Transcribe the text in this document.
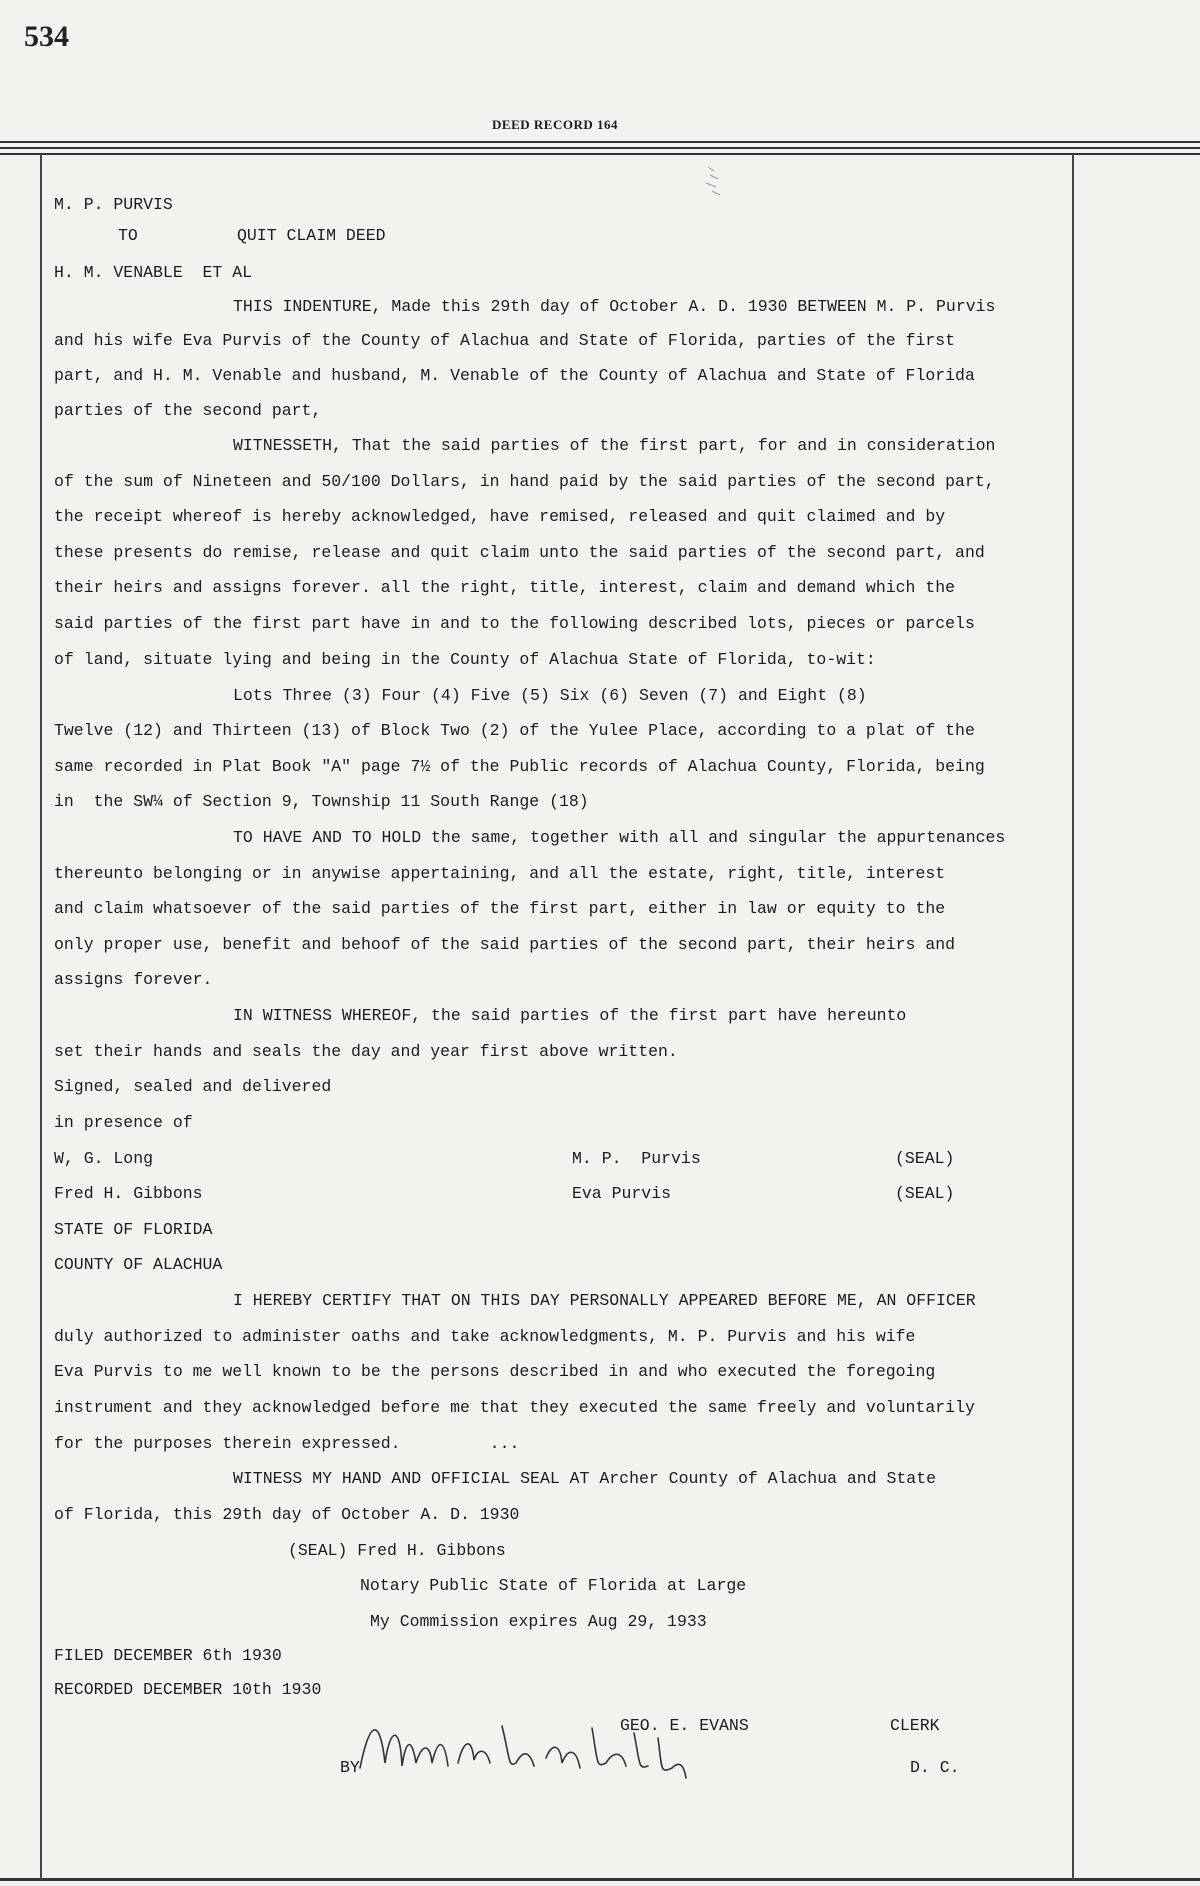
534
DEED RECORD 164
M. P. PURVIS
TO	QUIT CLAIM DEED
H. M. VENABLE  ET AL
THIS INDENTURE, Made this 29th day of October A. D. 1930 BETWEEN M. P. Purvis
and his wife Eva Purvis of the County of Alachua and State of Florida, parties of the first
part, and H. M. Venable and husband, M. Venable of the County of Alachua and State of Florida
parties of the second part,
WITNESSETH, That the said parties of the first part, for and in consideration
of the sum of Nineteen and 50/100 Dollars, in hand paid by the said parties of the second part,
the receipt whereof is hereby acknowledged, have remised, released and quit claimed and by
these presents do remise, release and quit claim unto the said parties of the second part, and
their heirs and assigns forever. all the right, title, interest, claim and demand which the
said parties of the first part have in and to the following described lots, pieces or parcels
of land, situate lying and being in the County of Alachua State of Florida, to-wit:
Lots Three (3) Four (4) Five (5) Six (6) Seven (7) and Eight (8)
Twelve (12) and Thirteen (13) of Block Two (2) of the Yulee Place, according to a plat of the
same recorded in Plat Book "A" page 7½ of the Public records of Alachua County, Florida, being
in  the SW¼ of Section 9, Township 11 South Range (18)
TO HAVE AND TO HOLD the same, together with all and singular the appurtenances
thereunto belonging or in anywise appertaining, and all the estate, right, title, interest
and claim whatsoever of the said parties of the first part, either in law or equity to the
only proper use, benefit and behoof of the said parties of the second part, their heirs and
assigns forever.
IN WITNESS WHEREOF, the said parties of the first part have hereunto
set their hands and seals the day and year first above written.
Signed, sealed and delivered
in presence of
W, G. Long	M. P.  Purvis	(SEAL)
Fred H. Gibbons	Eva Purvis	(SEAL)
STATE OF FLORIDA
COUNTY OF ALACHUA
I HEREBY CERTIFY THAT ON THIS DAY PERSONALLY APPEARED BEFORE ME, AN OFFICER
duly authorized to administer oaths and take acknowledgments, M. P. Purvis and his wife
Eva Purvis to me well known to be the persons described in and who executed the foregoing
instrument and they acknowledged before me that they executed the same freely and voluntarily
for the purposes therein expressed.         ...
WITNESS MY HAND AND OFFICIAL SEAL AT Archer County of Alachua and State
of Florida, this 29th day of October A. D. 1930
(SEAL) Fred H. Gibbons
Notary Public State of Florida at Large
My Commission expires Aug 29, 1933
FILED DECEMBER 6th 1930
RECORDED DECEMBER 10th 1930
GEO. E. EVANS	CLERK
BY	D. C.
